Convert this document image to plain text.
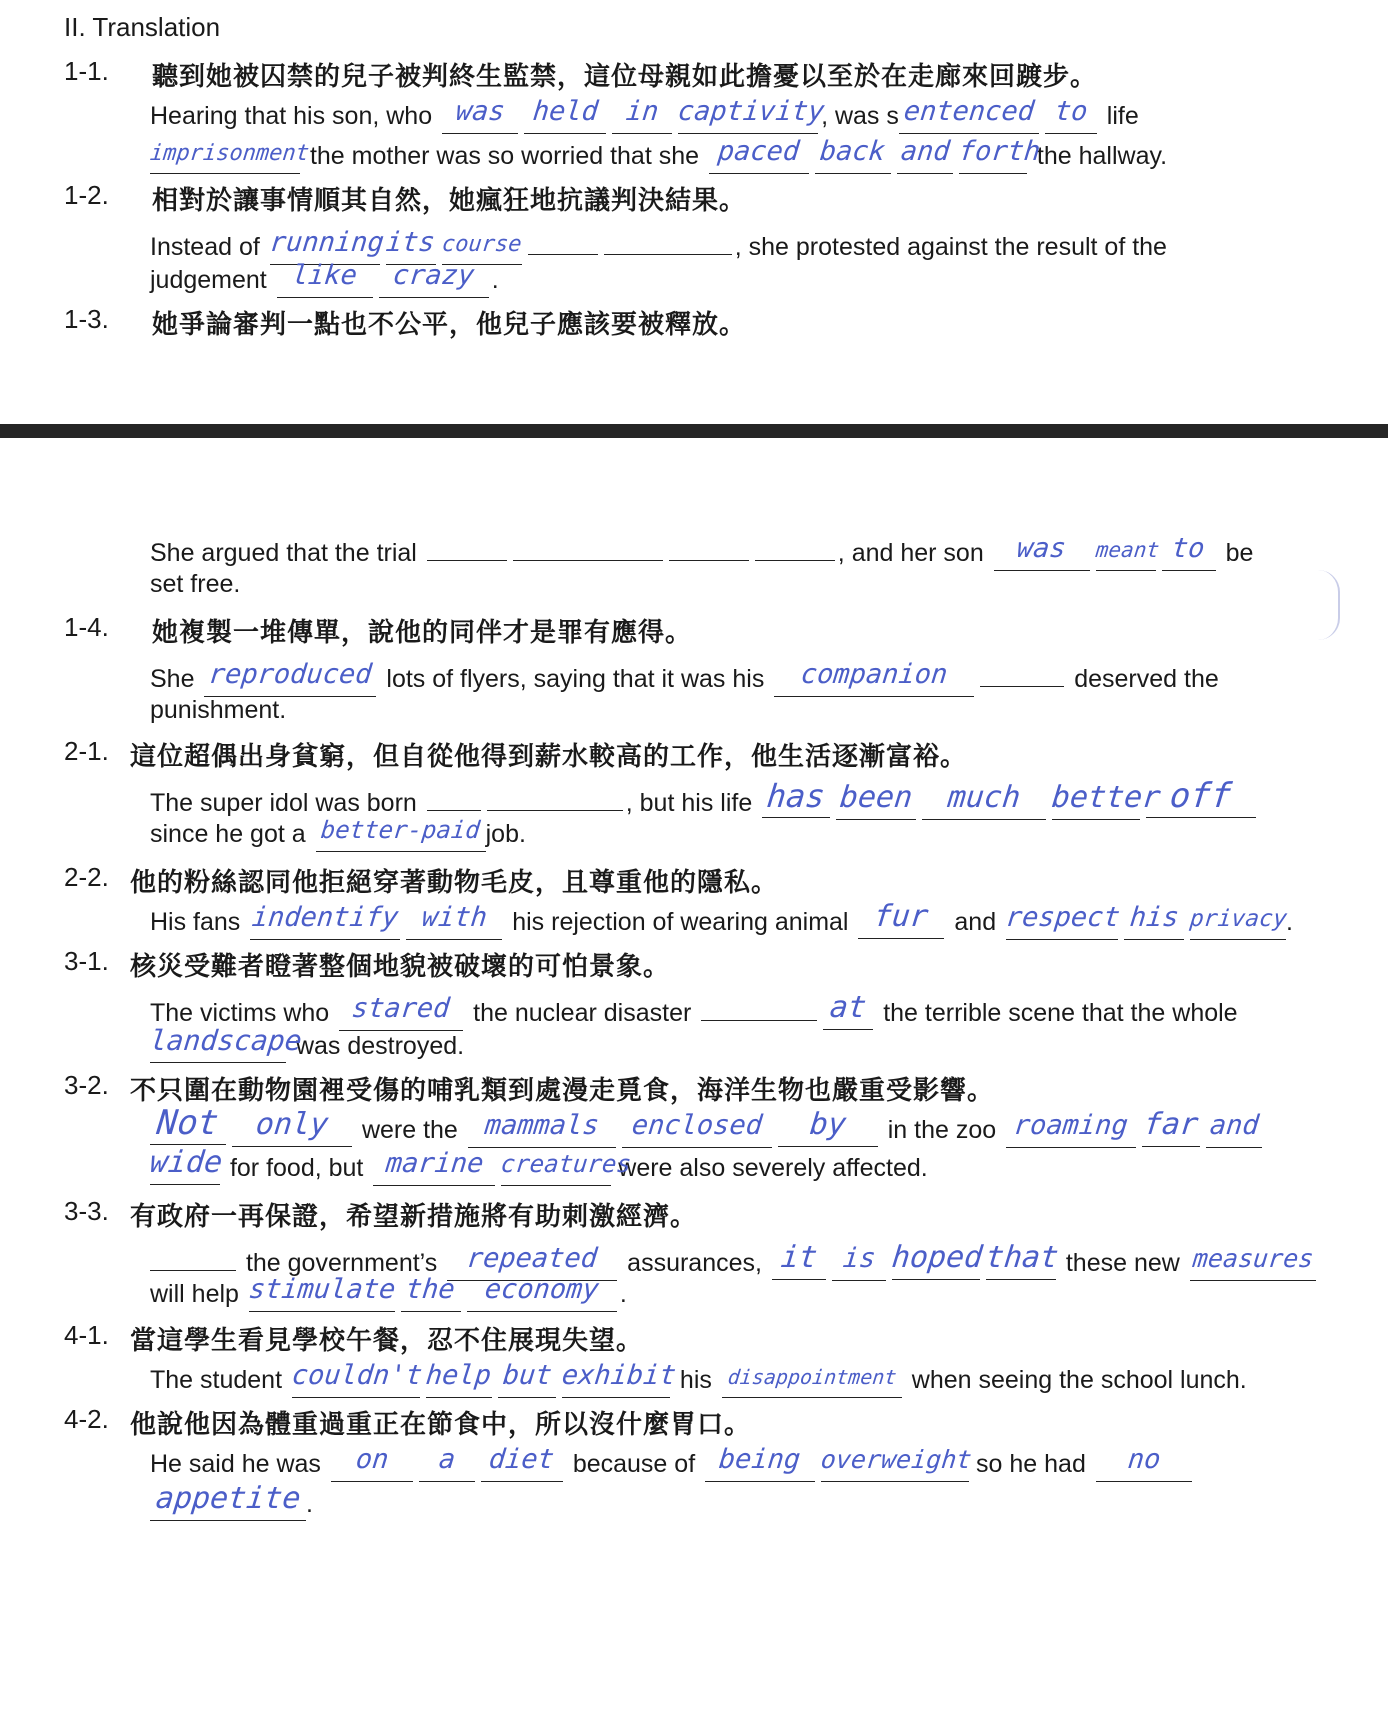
II. Translation
1-1.	聽到她被囚禁的兒子被判終生監禁，這位母親如此擔憂以至於在走廊來回踱步。
Hearing that his son, who was held in captivity, was s entenced to life
imprisonment the mother was so worried that she paced back and forth the hallway.
1-2.	相對於讓事情順其自然，她瘋狂地抗議判決結果。
Instead of runningits course	, she protested against the result of the
judgement like crazy .
1-3.	她爭論審判一點也不公平，他兒子應該要被釋放。
She argued that the trial	, and her son was meant to be
set free.
1-4.	她複製一堆傳單，說他的同伴才是罪有應得。
She reproduced lots of flyers, saying that it was his companion	deserved the
punishment.
2-1. 這位超偶出身貧窮，但自從他得到薪水較高的工作，他生活逐漸富裕。
The super idol was born	, but his life has been much better off
since he got a better-paid job.
2-2. 他的粉絲認同他拒絕穿著動物毛皮，且尊重他的隱私。
His fans indentify with his rejection of wearing animal fur and respect his privacy.
3-1. 核災受難者瞪著整個地貌被破壞的可怕景象。
The victims who stared the nuclear disaster	at the terrible scene that the whole
landscape was destroyed.
3-2. 不只圍在動物園裡受傷的哺乳類到處漫走覓食，海洋生物也嚴重受影響。
Not only were the mammals enclosed by in the zoo roaming far and
wide for food, but marine creatures were also severely affected.
3-3. 有政府一再保證，希望新措施將有助刺激經濟。
the government’s repeated assurances, it is hopedthat these new measures
will help stimulate the economy .
4-1. 當這學生看見學校午餐，忍不住展現失望。
The student couldn'thelp but exhibit his disappointment when seeing the school lunch.
4-2. 他說他因為體重過重正在節食中，所以沒什麼胃口。
He said he was on a diet because of being overweight so he had no
appetite .
